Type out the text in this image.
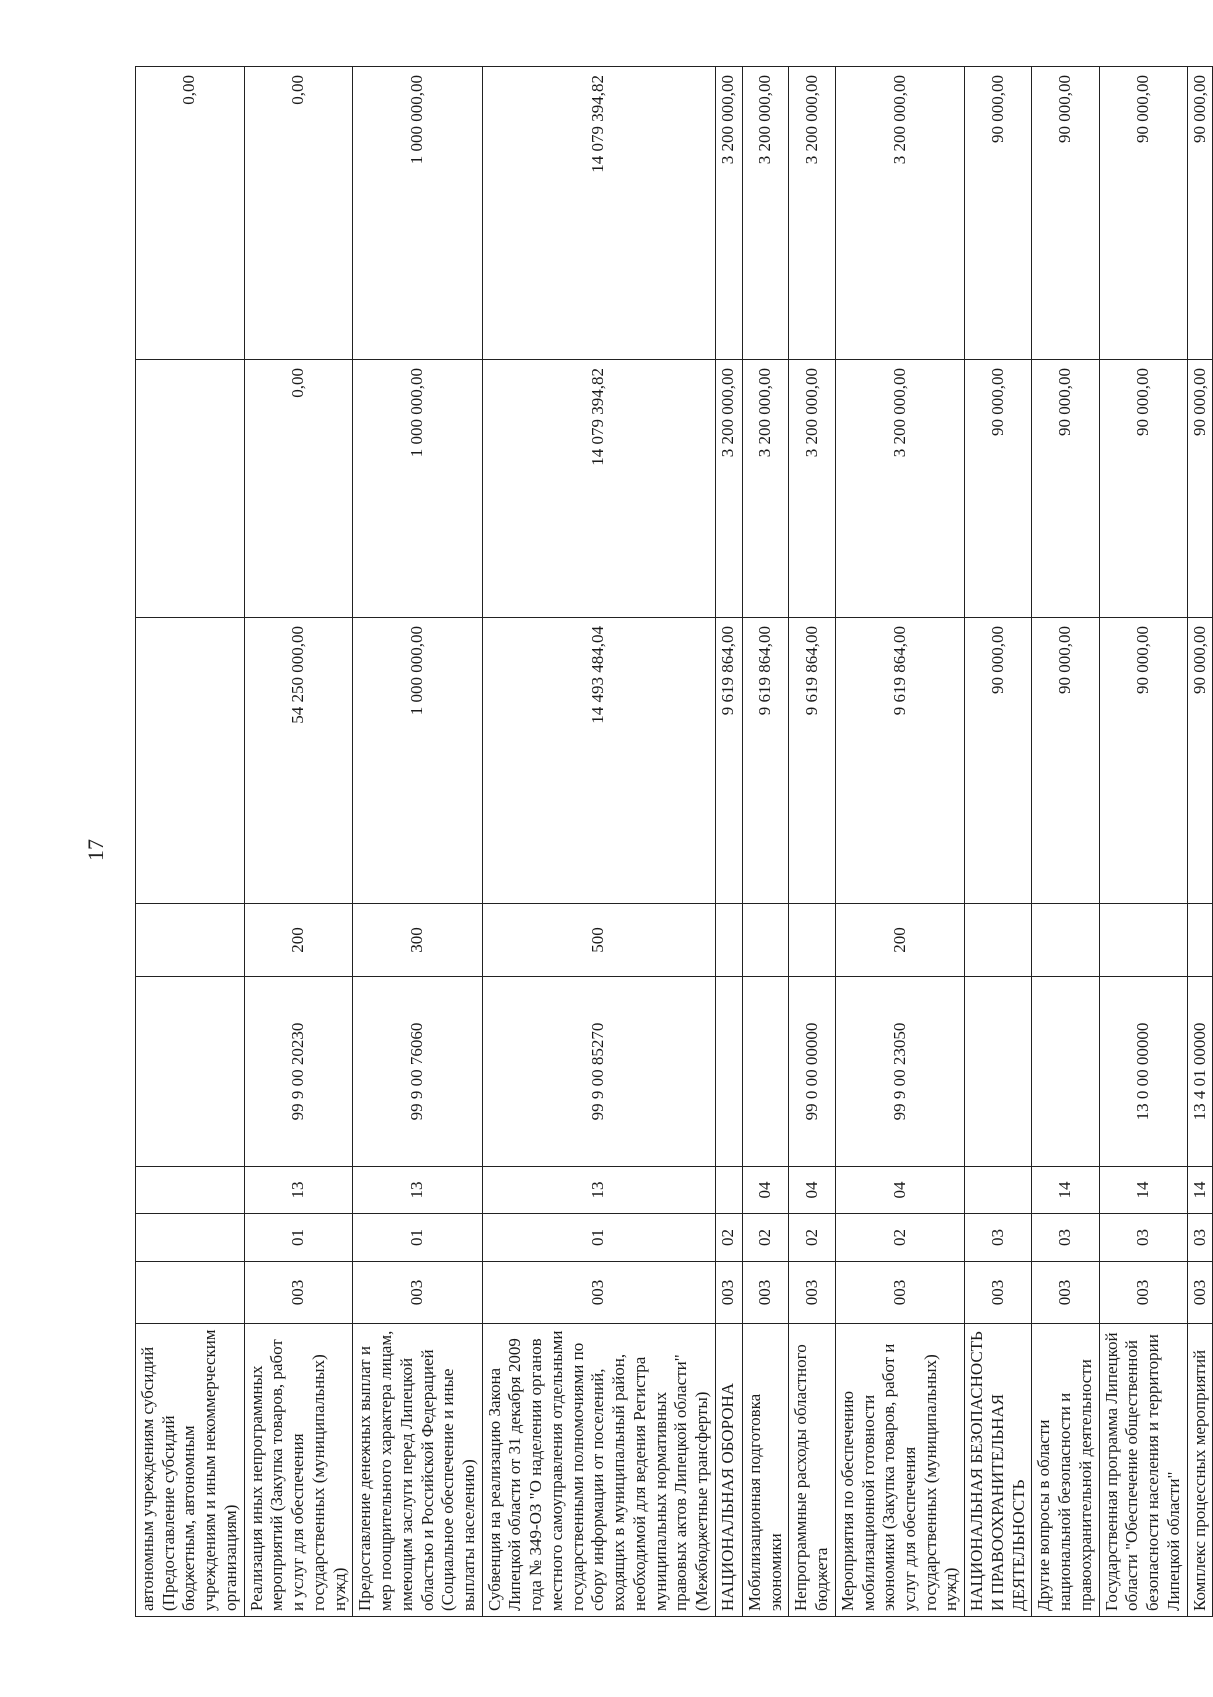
17
автономным учреждениям субсидий (Предоставление субсидий бюджетным, автономным учреждениям и иным некоммерческим организациям)								0,00
Реализация иных непрограммных мероприятий (Закупка товаров, работ и услуг для обеспечения государственных (муниципальных) нужд)	003	01	13	99 9 00 20230	200	54 250 000,00	0,00	0,00
Предоставление денежных выплат и мер поощрительного характера лицам, имеющим заслуги перед Липецкой областью и Российской Федерацией (Социальное обеспечение и иные выплаты населению)	003	01	13	99 9 00 76060	300	1 000 000,00	1 000 000,00	1 000 000,00
Субвенция на реализацию Закона Липецкой области от 31 декабря 2009 года № 349-ОЗ "О наделении органов местного самоуправления отдельными государственными полномочиями по сбору информации от поселений, входящих в муниципальный район, необходимой для ведения Регистра муниципальных нормативных правовых актов Липецкой области" (Межбюджетные трансферты)	003	01	13	99 9 00 85270	500	14 493 484,04	14 079 394,82	14 079 394,82
НАЦИОНАЛЬНАЯ ОБОРОНА	003	02				9 619 864,00	3 200 000,00	3 200 000,00
Мобилизационная подготовка экономики	003	02	04			9 619 864,00	3 200 000,00	3 200 000,00
Непрограммные расходы областного бюджета	003	02	04	99 0 00 00000		9 619 864,00	3 200 000,00	3 200 000,00
Мероприятия по обеспечению мобилизационной готовности экономики (Закупка товаров, работ и услуг для обеспечения государственных (муниципальных) нужд)	003	02	04	99 9 00 23050	200	9 619 864,00	3 200 000,00	3 200 000,00
НАЦИОНАЛЬНАЯ БЕЗОПАСНОСТЬ И ПРАВООХРАНИТЕЛЬНАЯ ДЕЯТЕЛЬНОСТЬ	003	03				90 000,00	90 000,00	90 000,00
Другие вопросы в области национальной безопасности и правоохранительной деятельности	003	03	14			90 000,00	90 000,00	90 000,00
Государственная программа Липецкой области "Обеспечение общественной безопасности населения и территории Липецкой области"	003	03	14	13 0 00 00000		90 000,00	90 000,00	90 000,00
Комплекс процессных мероприятий	003	03	14	13 4 01 00000		90 000,00	90 000,00	90 000,00
